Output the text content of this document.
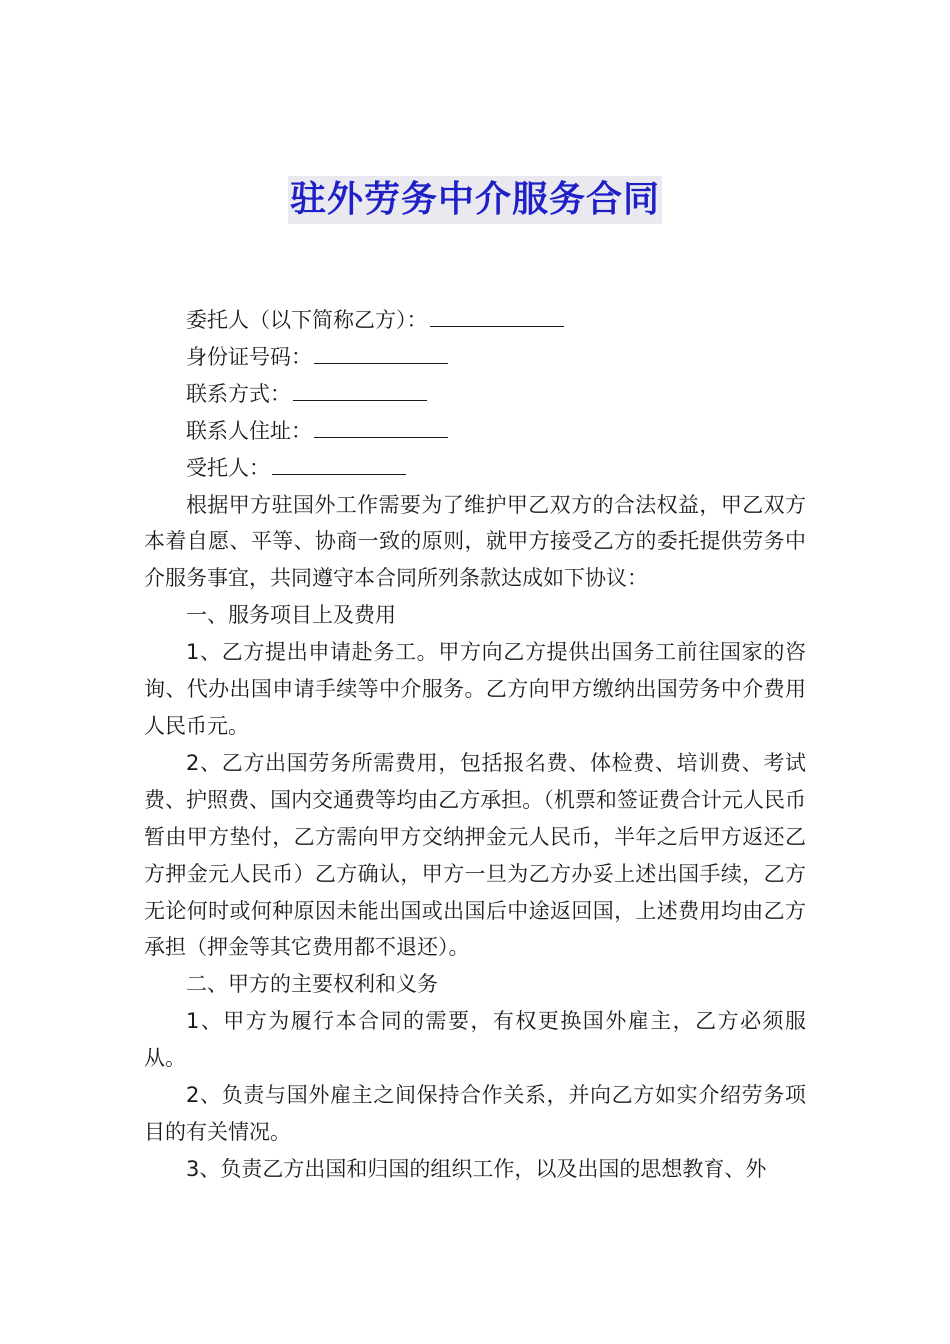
驻外劳务中介服务合同

委托人（以下简称乙方）：

身份证号码：

联系方式：

联系人住址：

受托人：

根据甲方驻国外工作需要为了维护甲乙双方的合法权益，甲乙双方本着自愿、平等、协商一致的原则，就甲方接受乙方的委托提供劳务中介服务事宜，共同遵守本合同所列条款达成如下协议：

一、服务项目上及费用

1、乙方提出申请赴务工。甲方向乙方提供出国务工前往国家的咨询、代办出国申请手续等中介服务。乙方向甲方缴纳出国劳务中介费用人民币元。

2、乙方出国劳务所需费用，包括报名费、体检费、培训费、考试费、护照费、国内交通费等均由乙方承担。（机票和签证费合计元人民币暂由甲方垫付，乙方需向甲方交纳押金元人民币，半年之后甲方返还乙方押金元人民币）乙方确认，甲方一旦为乙方办妥上述出国手续，乙方无论何时或何种原因未能出国或出国后中途返回国，上述费用均由乙方承担（押金等其它费用都不退还）。

二、甲方的主要权利和义务

1、甲方为履行本合同的需要，有权更换国外雇主，乙方必须服从。

2、负责与国外雇主之间保持合作关系，并向乙方如实介绍劳务项目的有关情况。

3、负责乙方出国和归国的组织工作，以及出国的思想教育、外
